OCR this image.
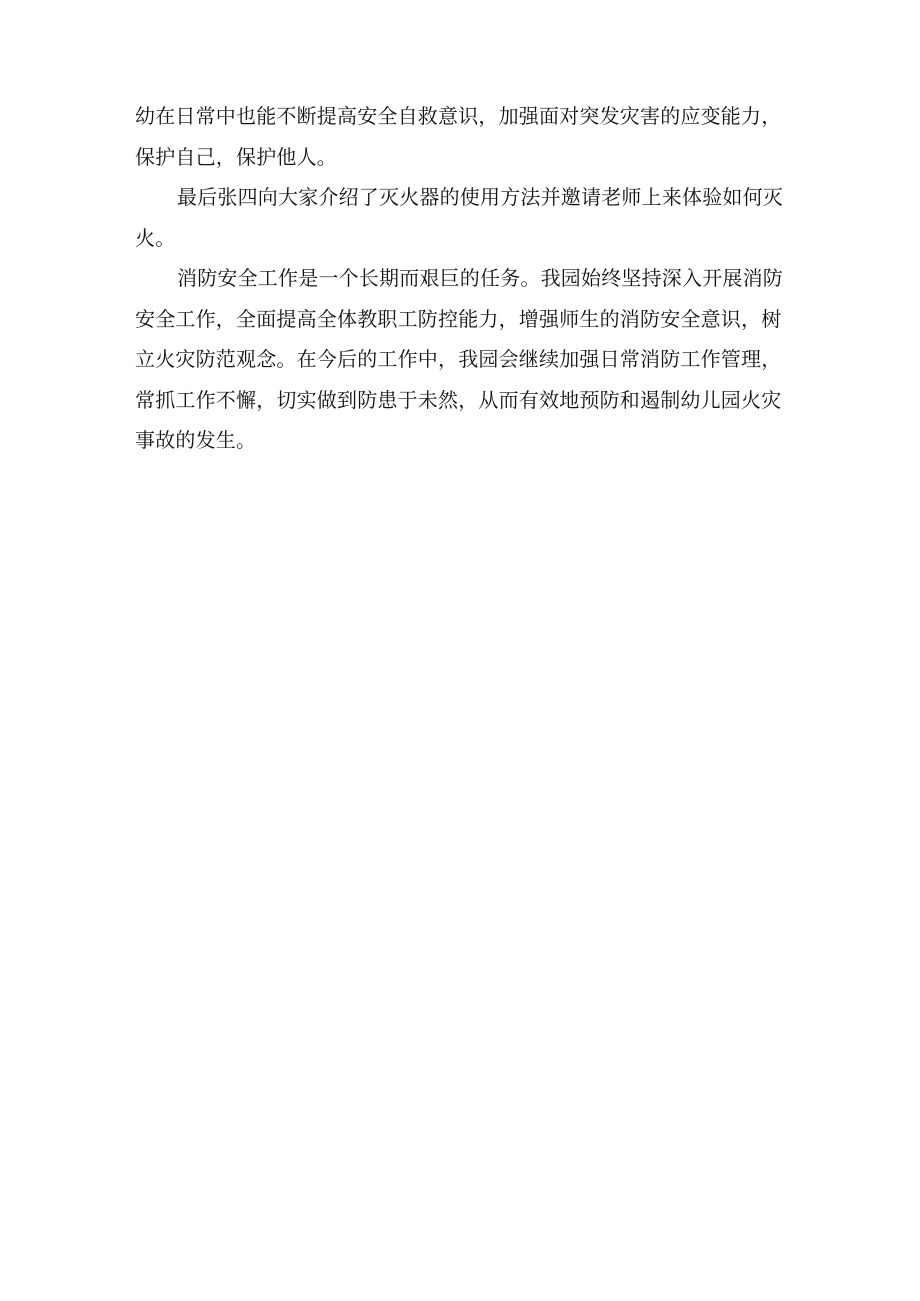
幼在日常中也能不断提高安全自救意识，加强面对突发灾害的应变能力，保护自己，保护他人。

最后张四向大家介绍了灭火器的使用方法并邀请老师上来体验如何灭火。

消防安全工作是一个长期而艰巨的任务。我园始终坚持深入开展消防安全工作，全面提高全体教职工防控能力，增强师生的消防安全意识，树立火灾防范观念。在今后的工作中，我园会继续加强日常消防工作管理，常抓工作不懈，切实做到防患于未然，从而有效地预防和遏制幼儿园火灾事故的发生。
